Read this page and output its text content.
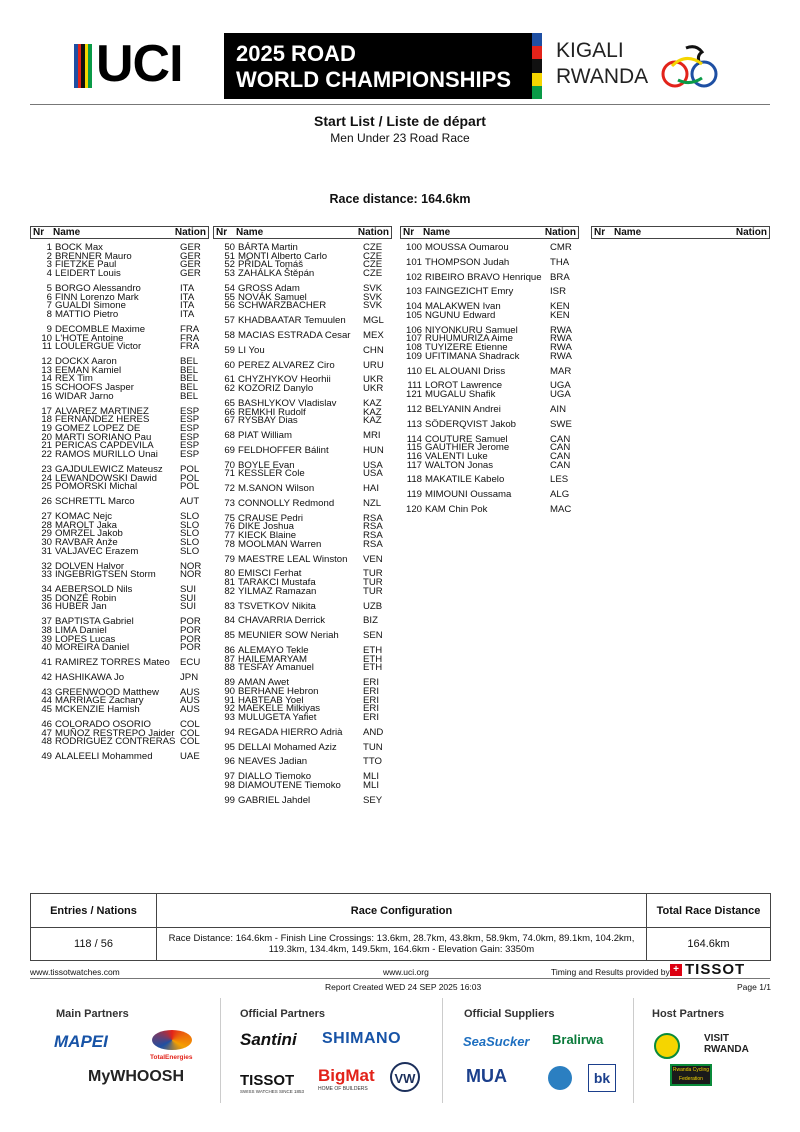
UCI 2025 ROAD
WORLD CHAMPIONSHIPS
KIGALI
RWANDA
Start List / Liste de départ
Men Under 23 Road Race
Race distance: 164.6km
Nr Name	Nation
1 BOCK Max	GER
2 BRENNER Mauro	GER
3 FIETZKE Paul	GER
4 LEIDERT Louis	GER
5 BORGO Alessandro	ITA
6 FINN Lorenzo Mark	ITA
7 GUALDI Simone	ITA
8 MATTIO Pietro	ITA
9 DECOMBLE Maxime	FRA
10 L'HOTE Antoine	FRA
11 LOULERGUE Victor	FRA
12 DOCKX Aaron	BEL
13 EEMAN Kamiel	BEL
14 REX Tim	BEL
15 SCHOOFS Jasper	BEL
16 WIDAR Jarno	BEL
17 ALVAREZ MARTINEZ	ESP
18 FERNANDEZ HERES	ESP
19 GOMEZ LOPEZ DE	ESP
20 MARTI SORIANO Pau	ESP
21 PERICAS CAPDEVILA	ESP
22 RAMOS MURILLO Unai ESP
23 GAJDULEWICZ Mateusz POL
24 LEWANDOWSKI Dawid POL
25 POMORSKI Michal	POL
26 SCHRETTL Marco	AUT
27 KOMAC Nejc	SLO
28 MAROLT Jaka	SLO
29 OMRZEL Jakob	SLO
30 RAVBAR Anže	SLO
31 VALJAVEC Erazem	SLO
32 DOLVEN Halvor	NOR
33 INGEBRIGTSEN Storm	NOR
34 AEBERSOLD Nils	SUI
35 DONZÉ Robin	SUI
36 HUBER Jan	SUI
37 BAPTISTA Gabriel	POR
38 LIMA Daniel	POR
39 LOPES Lucas	POR
40 MOREIRA Daniel	POR
41 RAMIREZ TORRES Mateo ECU
42 HASHIKAWA Jo	JPN
43 GREENWOOD Matthew AUS
44 MARRIAGE Zachary	AUS
45 MCKENZIE Hamish	AUS
46 COLORADO OSORIO	COL
47 MUÑOZ RESTREPO Jaider COL
48 RODRIGUEZ CONTRERAS COL
49 ALALEELI Mohammed	UAE
Nr Name	Nation
50 BÁRTA Martin	CZE
51 MONTI Alberto Carlo	CZE
52 PŘIDAL Tomáš	CZE
53 ZAHÁLKA Štěpán	CZE
54 GROSS Adam	SVK
55 NOVÁK Samuel	SVK
56 SCHWARZBACHER	SVK
57 KHADBAATAR Temuulen MGL
58 MACIAS ESTRADA Cesar MEX
59 LI You	CHN
60 PEREZ ALVAREZ Ciro	URU
61 CHYZHYKOV Heorhii	UKR
62 KOZORIZ Danylo	UKR
65 BASHLYKOV Vladislav	KAZ
66 REMKHI Rudolf	KAZ
67 RYSBAY Dias	KAZ
68 PIAT William	MRI
69 FELDHOFFER Bálint	HUN
70 BOYLE Evan	USA
71 KESSLER Cole	USA
72 M.SANON Wilson	HAI
73 CONNOLLY Redmond	NZL
75 CRAUSE Pedri	RSA
76 DIKE Joshua	RSA
77 KIECK Blaine	RSA
78 MOOLMAN Warren	RSA
79 MAESTRE LEAL Winston VEN
80 EMISCI Ferhat	TUR
81 TARAKCI Mustafa	TUR
82 YILMAZ Ramazan	TUR
83 TSVETKOV Nikita	UZB
84 CHAVARRIA Derrick	BIZ
85 MEUNIER SOW Neriah	SEN
86 ALEMAYO Tekle	ETH
87 HAILEMARYAM	ETH
88 TESFAY Amanuel	ETH
89 AMAN Awet	ERI
90 BERHANE Hebron	ERI
91 HABTEAB Yoel	ERI
92 MAEKELE Milkiyas	ERI
93 MULUGETA Yafiet	ERI
94 REGADA HIERRO Adrià AND
95 DELLAI Mohamed Aziz	TUN
96 NEAVES Jadian	TTO
97 DIALLO Tiemoko	MLI
98 DIAMOUTENE Tiemoko MLI
99 GABRIEL Jahdel	SEY
Nr Name	Nation
100 MOUSSA Oumarou	CMR
101 THOMPSON Judah	THA
102 RIBEIRO BRAVO Henrique BRA
103 FAINGEZICHT Emry	ISR
104 MALAKWEN Ivan	KEN
105 NGUNU Edward	KEN
106 NIYONKURU Samuel	RWA
107 RUHUMURIZA Aime	RWA
108 TUYIZERE Etienne	RWA
109 UFITIMANA Shadrack	RWA
110 EL ALOUANI Driss	MAR
111 LOROT Lawrence	UGA
121 MUGALU Shafik	UGA
112 BELYANIN Andrei	AIN
113 SÖDERQVIST Jakob	SWE
114 COUTURE Samuel	CAN
115 GAUTHIER Jerome	CAN
116 VALENTI Luke	CAN
117 WALTON Jonas	CAN
118 MAKATILE Kabelo	LES
119 MIMOUNI Oussama	ALG
120 KAM Chin Pok	MAC
Nr Name	Nation
Entries / Nations	Race Configuration	Total Race Distance
118 / 56	Race Distance: 164.6km - Finish Line Crossings: 13.6km, 28.7km, 43.8km, 58.9km, 74.0km, 89.1km, 104.2km, 119.3km, 134.4km, 149.5km, 164.6km - Elevation Gain: 3350m	164.6km
www.tissotwatches.com	www.uci.org	Timing and Results provided by + TISSOT
Report Created WED 24 SEP 2025 16:03	Page 1/1
Main Partners	Official Partners	Official Suppliers	Host Partners
MAPEI
TotalEnergies
MyWHOOSH
Santini SHIMANO
TISSOT
SWISS WATCHES SINCE 1853
BigMat
HOME OF BUILDERS
VW
SeaSucker Bralirwa
MUA	bk
VISIT RWANDA
Rwanda Cycling Federation
